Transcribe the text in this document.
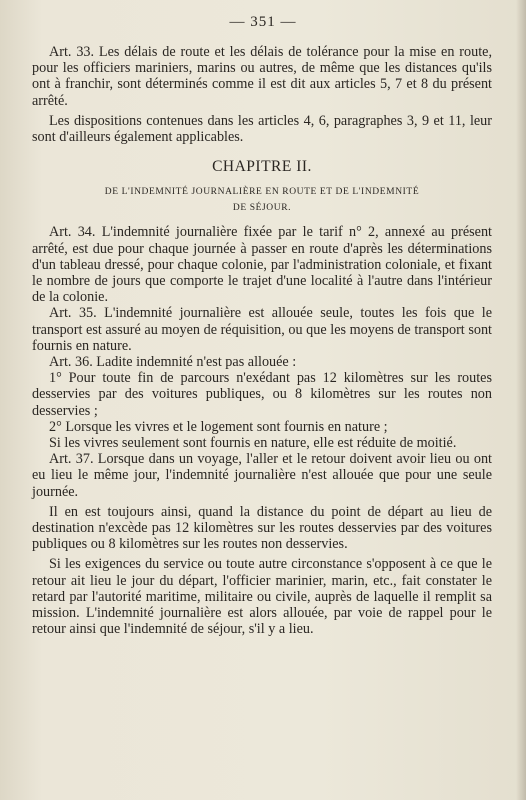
— 351 —

Art. 33. Les délais de route et les délais de tolérance pour la mise en route, pour les officiers mariniers, marins ou autres, de même que les distances qu'ils ont à franchir, sont déterminés comme il est dit aux articles 5, 7 et 8 du présent arrêté.

Les dispositions contenues dans les articles 4, 6, paragraphes 3, 9 et 11, leur sont d'ailleurs également applicables.

CHAPITRE II.

DE L'INDEMNITÉ JOURNALIÈRE EN ROUTE ET DE L'INDEMNITÉ
DE SÉJOUR.

Art. 34. L'indemnité journalière fixée par le tarif n° 2, annexé au présent arrêté, est due pour chaque journée à passer en route d'après les déterminations d'un tableau dressé, pour chaque colonie, par l'administration coloniale, et fixant le nombre de jours que comporte le trajet d'une localité à l'autre dans l'intérieur de la colonie.

Art. 35. L'indemnité journalière est allouée seule, toutes les fois que le transport est assuré au moyen de réquisition, ou que les moyens de transport sont fournis en nature.

Art. 36. Ladite indemnité n'est pas allouée :

1° Pour toute fin de parcours n'exédant pas 12 kilomètres sur les routes desservies par des voitures publiques, ou 8 kilomètres sur les routes non desservies ;

2° Lorsque les vivres et le logement sont fournis en nature ;

Si les vivres seulement sont fournis en nature, elle est réduite de moitié.

Art. 37. Lorsque dans un voyage, l'aller et le retour doivent avoir lieu ou ont eu lieu le même jour, l'indemnité journalière n'est allouée que pour une seule journée.

Il en est toujours ainsi, quand la distance du point de départ au lieu de destination n'excède pas 12 kilomètres sur les routes desservies par des voitures publiques ou 8 kilomètres sur les routes non desservies.

Si les exigences du service ou toute autre circonstance s'opposent à ce que le retour ait lieu le jour du départ, l'officier marinier, marin, etc., fait constater le retard par l'autorité maritime, militaire ou civile, auprès de laquelle il remplit sa mission. L'indemnité journalière est alors allouée, par voie de rappel pour le retour ainsi que l'indemnité de séjour, s'il y a lieu.
